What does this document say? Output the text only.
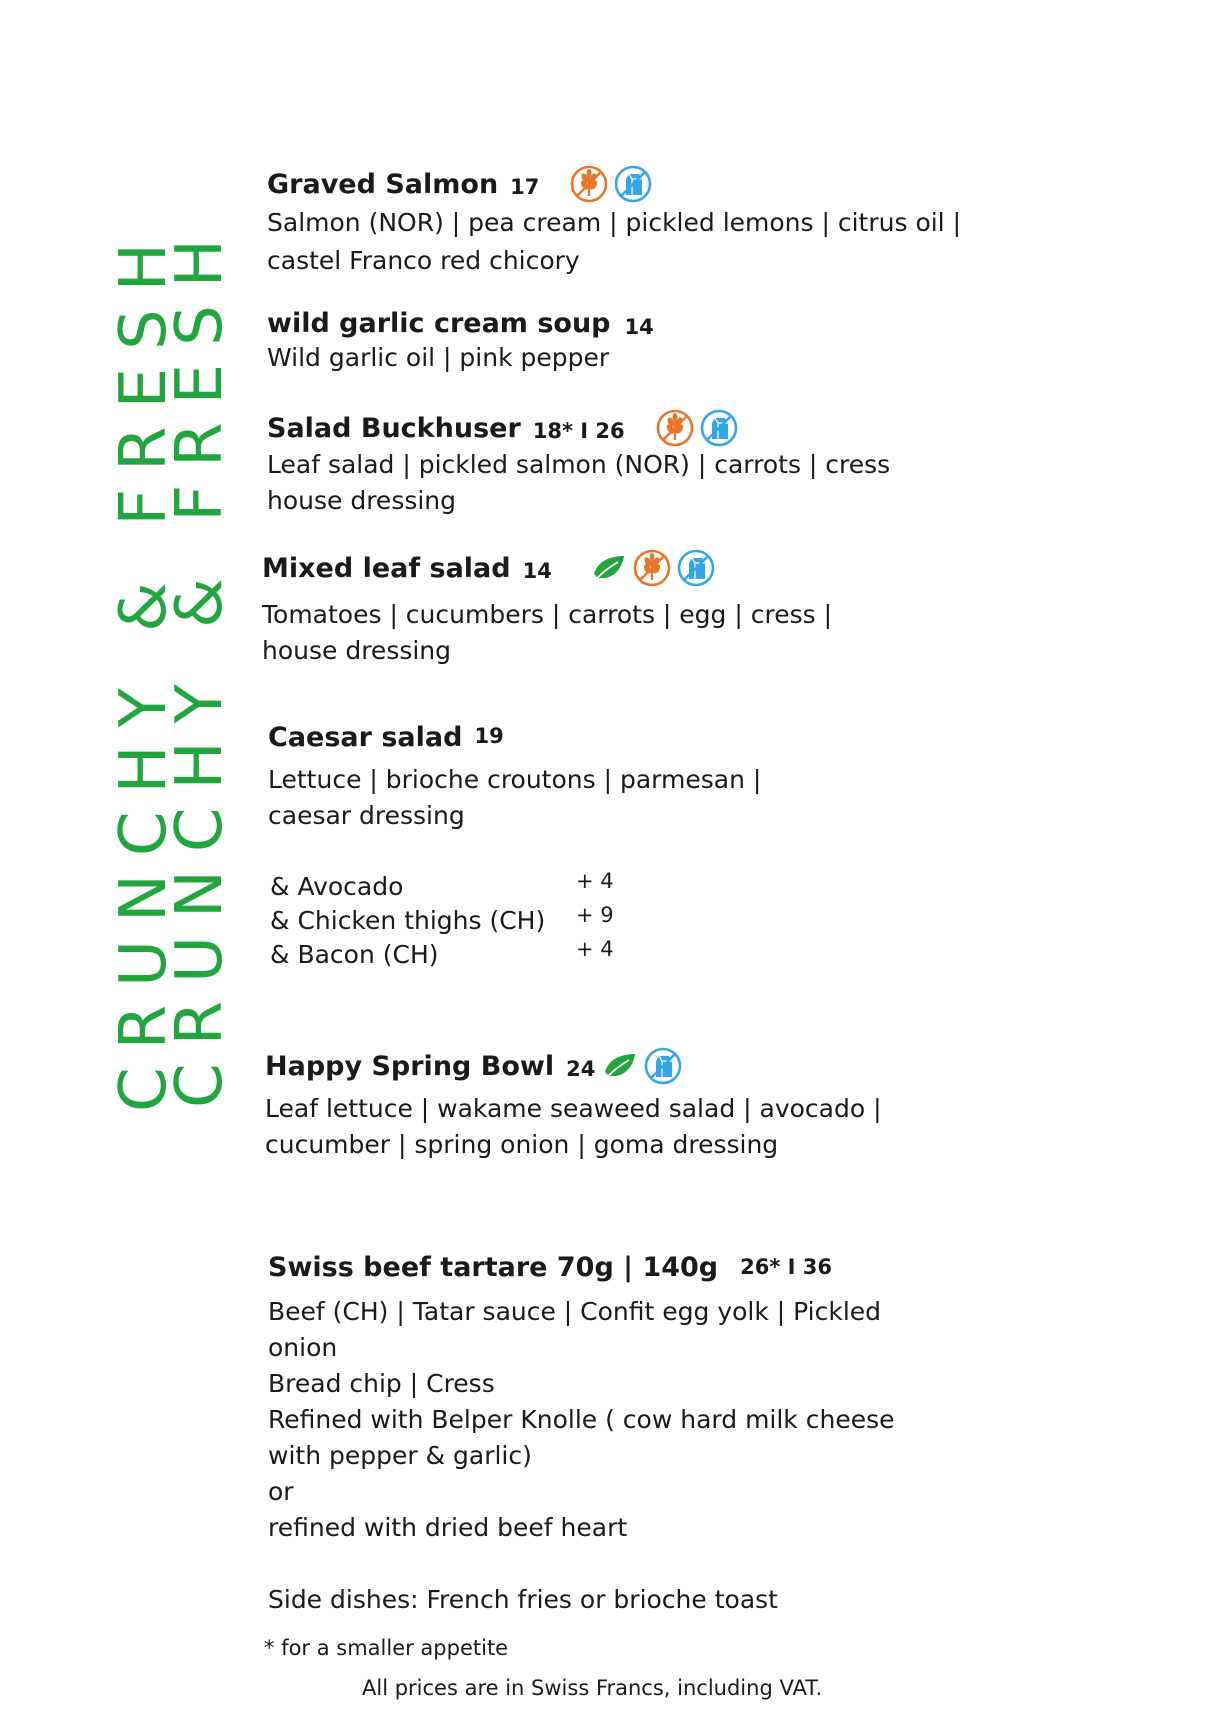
CRUNCHY & FRESH
CRUNCHY & FRESH
Graved Salmon 17
Salmon (NOR) | pea cream | pickled lemons | citrus oil |
castel Franco red chicory
wild garlic cream soup 14
Wild garlic oil | pink pepper
Salad Buckhuser 18* I 26
Leaf salad | pickled salmon (NOR) | carrots | cress
house dressing
Mixed leaf salad 14
Tomatoes | cucumbers | carrots | egg | cress |
house dressing
Caesar salad 19
Lettuce | brioche croutons | parmesan |
caesar dressing
& Avocado	+ 4
& Chicken thighs (CH)	+ 9
& Bacon (CH)	+ 4
Happy Spring Bowl 24
Leaf lettuce | wakame seaweed salad | avocado |
cucumber | spring onion | goma dressing
Swiss beef tartare 70g | 140g 26* I 36
Beef (CH) | Tatar sauce | Confit egg yolk | Pickled
onion
Bread chip | Cress
Refined with Belper Knolle ( cow hard milk cheese
with pepper & garlic)
or
refined with dried beef heart
Side dishes: French fries or brioche toast
* for a smaller appetite
All prices are in Swiss Francs, including VAT.
